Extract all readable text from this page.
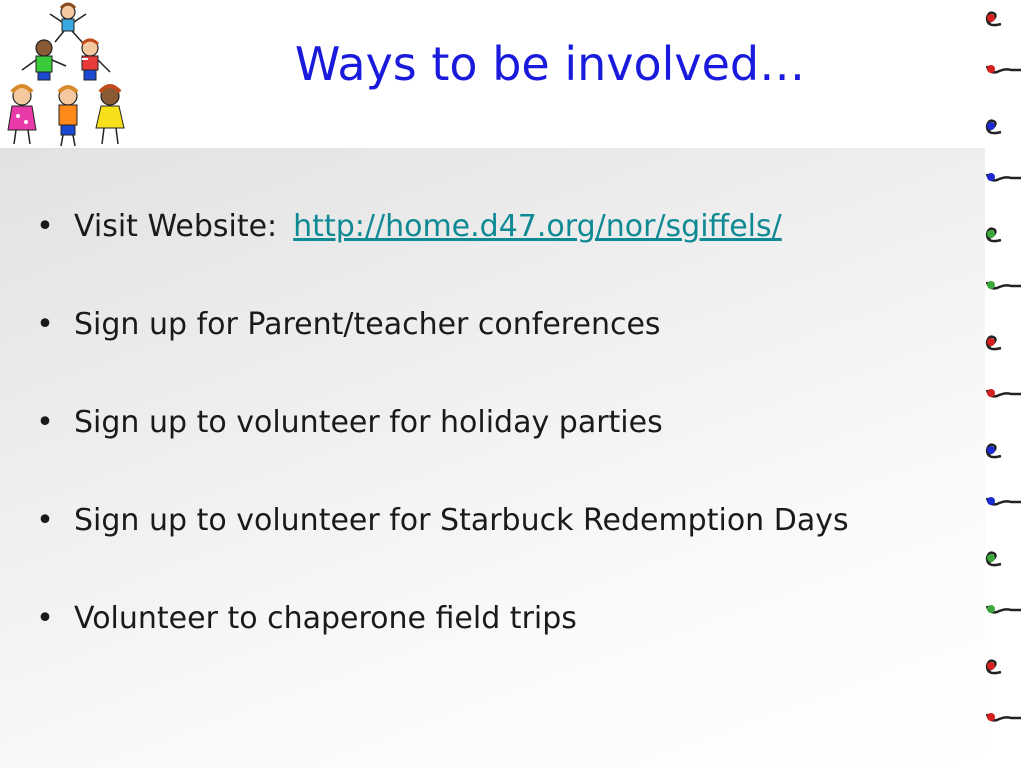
Ways to be involved…
• Visit Website: http://home.d47.org/nor/sgiffels/
• Sign up for Parent/teacher conferences
• Sign up to volunteer for holiday parties
• Sign up to volunteer for Starbuck Redemption Days
• Volunteer to chaperone field trips
